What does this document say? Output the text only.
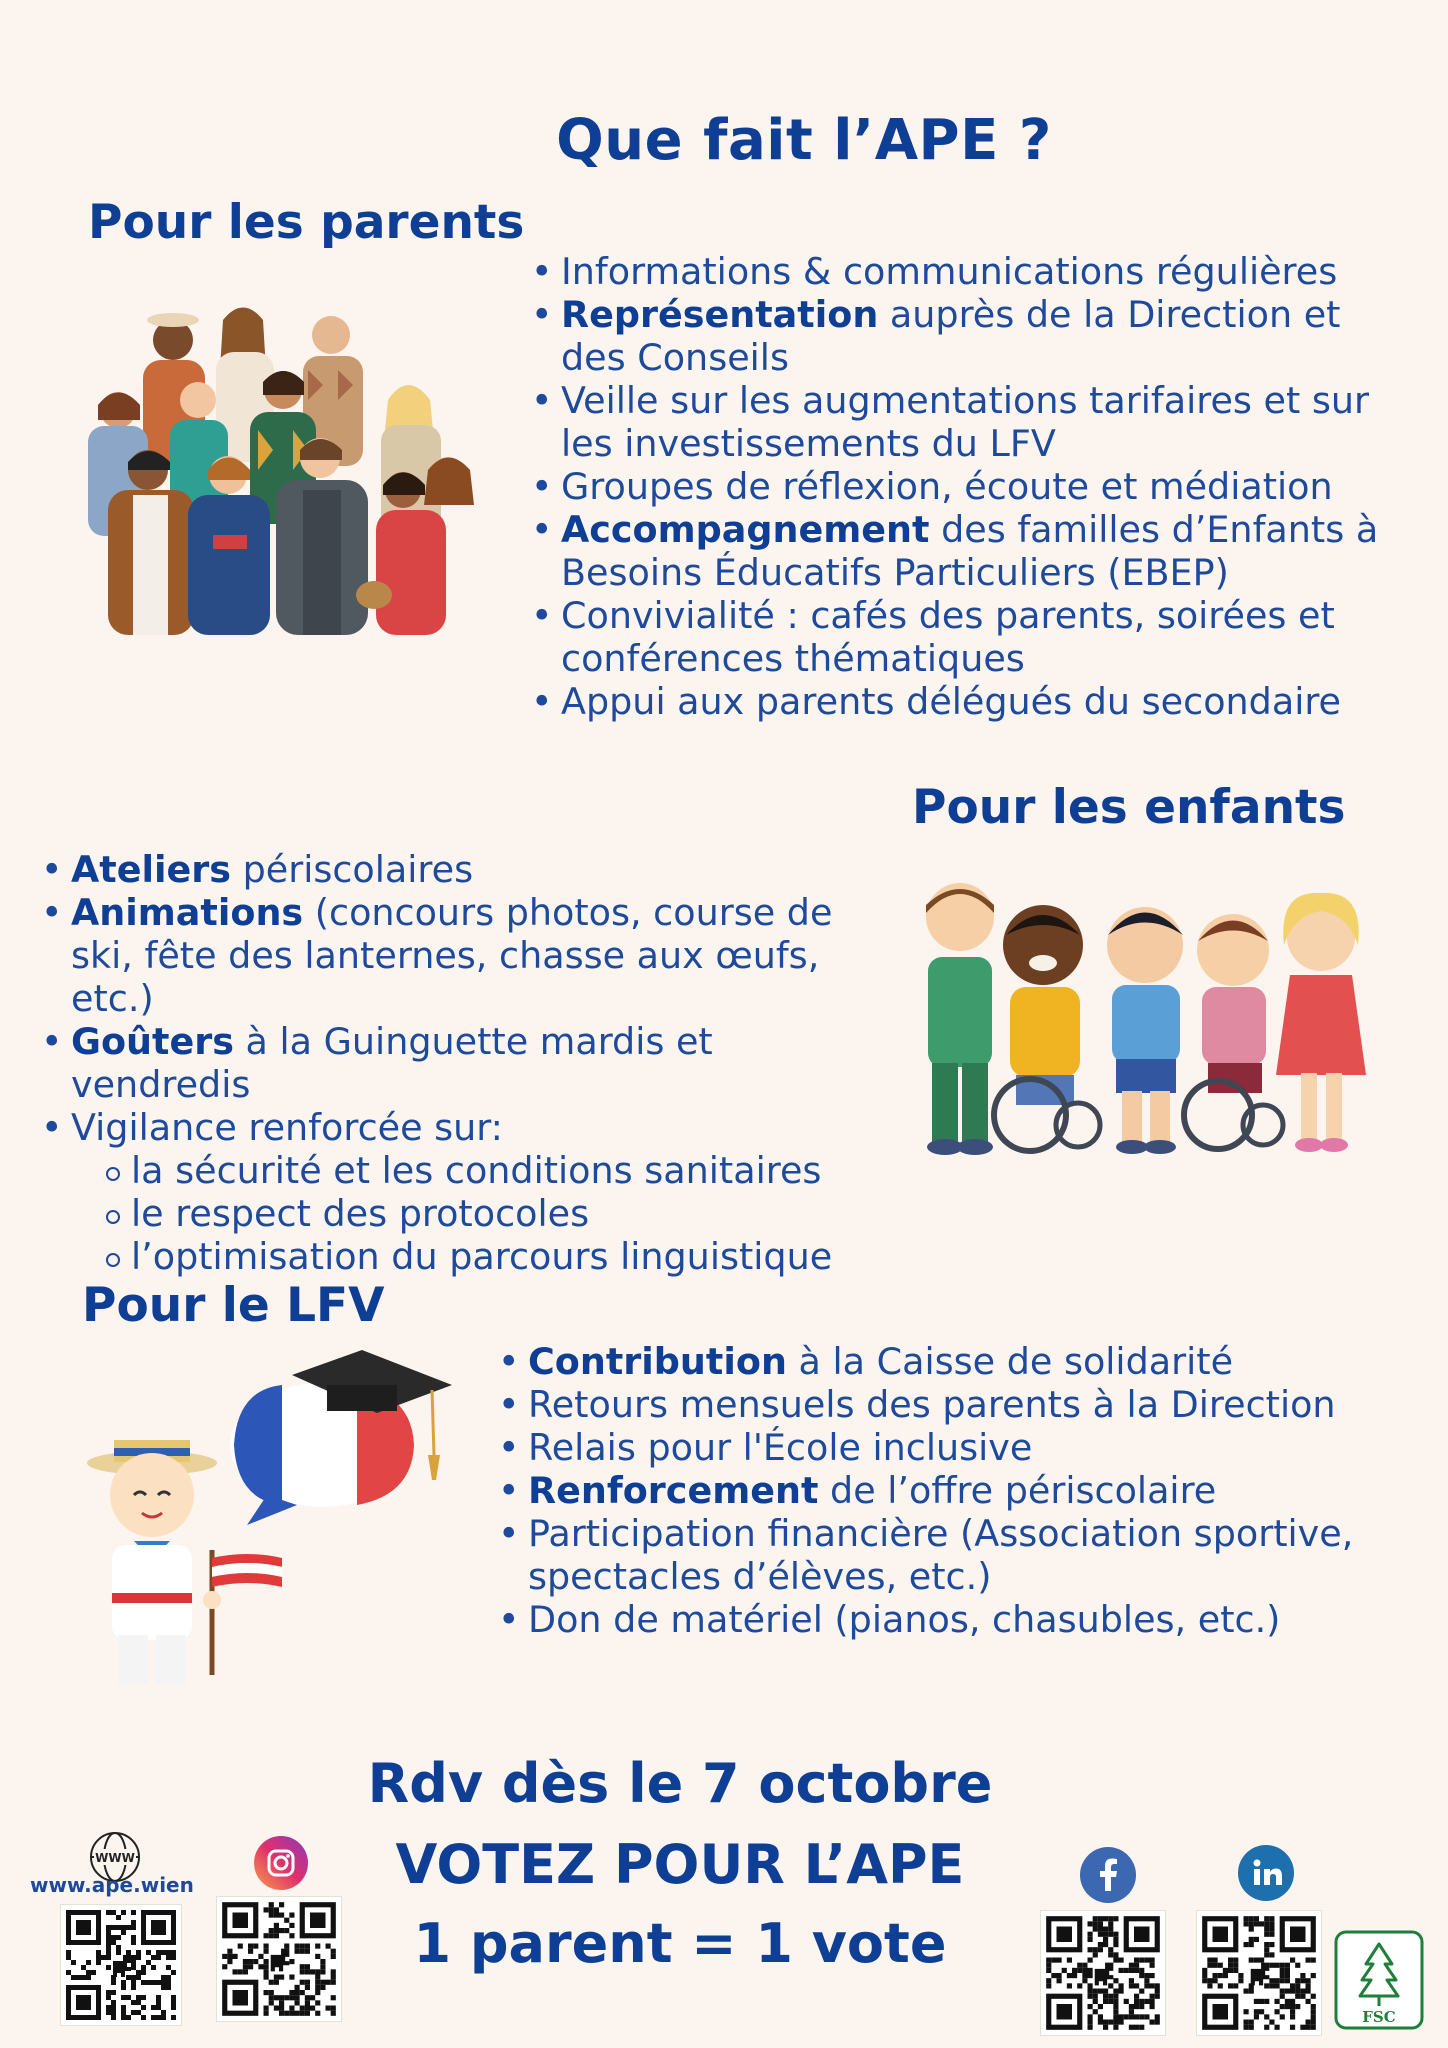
Que fait l’APE ?
Pour les parents
• Informations & communications régulières
• Représentation auprès de la Direction et des Conseils
• Veille sur les augmentations tarifaires et sur les investissements du LFV
• Groupes de réflexion, écoute et médiation
• Accompagnement des familles d’Enfants à Besoins Éducatifs Particuliers (EBEP)
• Convivialité : cafés des parents, soirées et conférences thématiques
• Appui aux parents délégués du secondaire
Pour les enfants
• Ateliers périscolaires
• Animations (concours photos, course de ski, fête des lanternes, chasse aux œufs, etc.)
• Goûters à la Guinguette mardis et vendredis
• Vigilance renforcée sur:
la sécurité et les conditions sanitaires
le respect des protocoles
l’optimisation du parcours linguistique
Pour le LFV
• Contribution à la Caisse de solidarité
• Retours mensuels des parents à la Direction
• Relais pour l'École inclusive
• Renforcement de l’offre périscolaire
• Participation financière (Association sportive, spectacles d’élèves, etc.)
• Don de matériel (pianos, chasubles, etc.)
Rdv dès le 7 octobre
VOTEZ POUR L’APE
1 parent = 1 vote
WWW
www.ape.wien
FSC
